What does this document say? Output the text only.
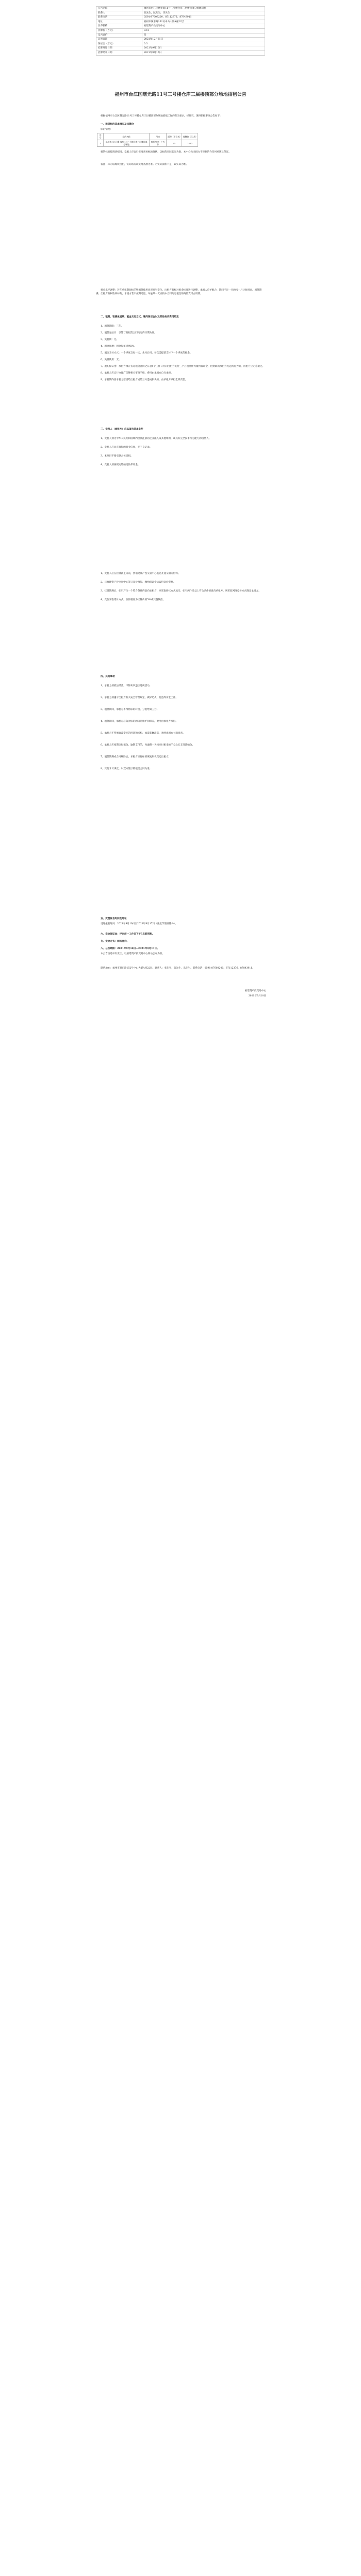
公告名称	福州市台江区曙光路11号三号楼仓库三层楼顶部分场地招租
联系人	张先生，阮先生，乐先生
联系电话	0591-87603200，87112376，87843911
地址	福州市湖东路152号中山大厦A座22层
发布机构	福建资产投交易中心
挂牌价（万元）	0.15
是否竞价	是
证照日期	2021年12月31日
保证金（万元）	0.3
挂牌开始日期	2021年9月10日
挂牌结束日期	2021年9月17日
福州市台江区曙光路11号三号楼仓库三层楼顶部分场地招租公告

根据福州市台江区曙光路11号三号楼仓库三层楼顶部分场地招租工作的有关要求，经研究，现将招租事项公告如下：

一、租赁标的基本情况及挂牌价

标的情况：

序号	标的名称	用途	面积（平方米）	挂牌价（元/月）
1	福州市台江区曙光路11号三号楼仓库三层楼顶部分场地	租赁用途：广告牌	20	1500

租赁标的按现状招租，竞租人应自行实地查看标的现状，以标的实际状况为准，本中心及出租方不对标的作任何承诺及保证。

备注：标的以现状出租，实际状况以实地查勘为准。若实际面积不足，以实际为准。

租金水平调整：若在承租期间标的物租赁使用状况发生变化，出租方有权对租金标准进行调整，承租人应予配合，期间不足一月的按一月计收租金。租赁期满，出租方有权收回标的，承租方若未按期退还，每逾期一天应按本合同约定租金的两倍支付占用费。

二、租期、装修免租期、租金支付方式、履约保证金以及其他有关费用约定

1、租赁期限：三年。
2、租赁起始日：以签订的租赁合同约定的日期为准。
3、免租期：无。
4、租金递增：租金每年递增3%。
5、租金支付方式：一个季度支付一次，先付后用，每次需提前支付下一个季度的租金。
6、免费使用：无。
7、履约保证金：承租方须在签订租赁合同之日起5个工作日内向出租方支付三个月租金作为履约保证金，租赁期满承租方无违约行为的，出租方应无息退还。
8、承租方应自行办理广告牌相关审批手续，费用由承租方自行承担。
9、承租期内因承租方原因给出租方或第三方造成损失的，由承租方承担全部责任。

三、竞租人（承租方）应具备的基本条件

1、竞租人须为中华人民共和国境内合法注册的企业法人或其他组织，或具有完全民事行为能力的自然人。
2、竞租人应具有良好的商业信誉，无不良记录。
3、本项目不接受联合体竞租。
4、竞租人须按规定缴纳竞价保证金。
1、竞租人应在挂牌截止日前，到福建资产投交易中心报名并递交相关材料。
2、与福建资产投交易中心签订竞价须知，缴纳保证金后取得竞价资格。
3、挂牌期满后，如只产生一个符合条件的意向承租方，则采取协议方式成交；如有两个及以上符合条件的意向承租方，则采取网络竞价方式确定承租方。
4、竞价采取增价方式，加价幅度为挂牌价的5%或其整数倍。

四、其他事项

1、承租方须依法经营，不得从事违法违规活动。
2、承租方须遵守出租方有关安全管理规定，做好防火、防盗等安全工作。
3、租赁期间，承租方不得将标的转租、分租给第三方。
4、租赁期间，承租方应负责标的的日常维护和保养，费用由承租方承担。
5、承租方不得擅自改变标的用途和结构，如需装修改造，须经出租方书面同意。
6、承租方应按期支付租金，逾期支付的，每逾期一天按应付租金的千分之五支付滞纳金。
7、租赁期满或合同解除后，承租方应将标的恢复原状交还出租方。
8、其他未尽事宜，以双方签订的租赁合同为准。

五、受理报名时间及地址

受理报名时间：2021年9月10日至2021年9月17日（法定节假日除外）。

六、竞价保证金：评定前一工作日下午5点前到账。

七、竞价方式：网络竞价。

八、公告期限：2021年9月10日—2021年9月17日。

本公告信息如有更正，以福建资产投交易中心网站公布为准。

联系地址：福州市湖东路152号中山大厦A座22层。联系人：张先生，阮先生，乐先生。联系电话：0591-87603200，87112376，87843911。

福建资产投交易中心

2021年9月10日
